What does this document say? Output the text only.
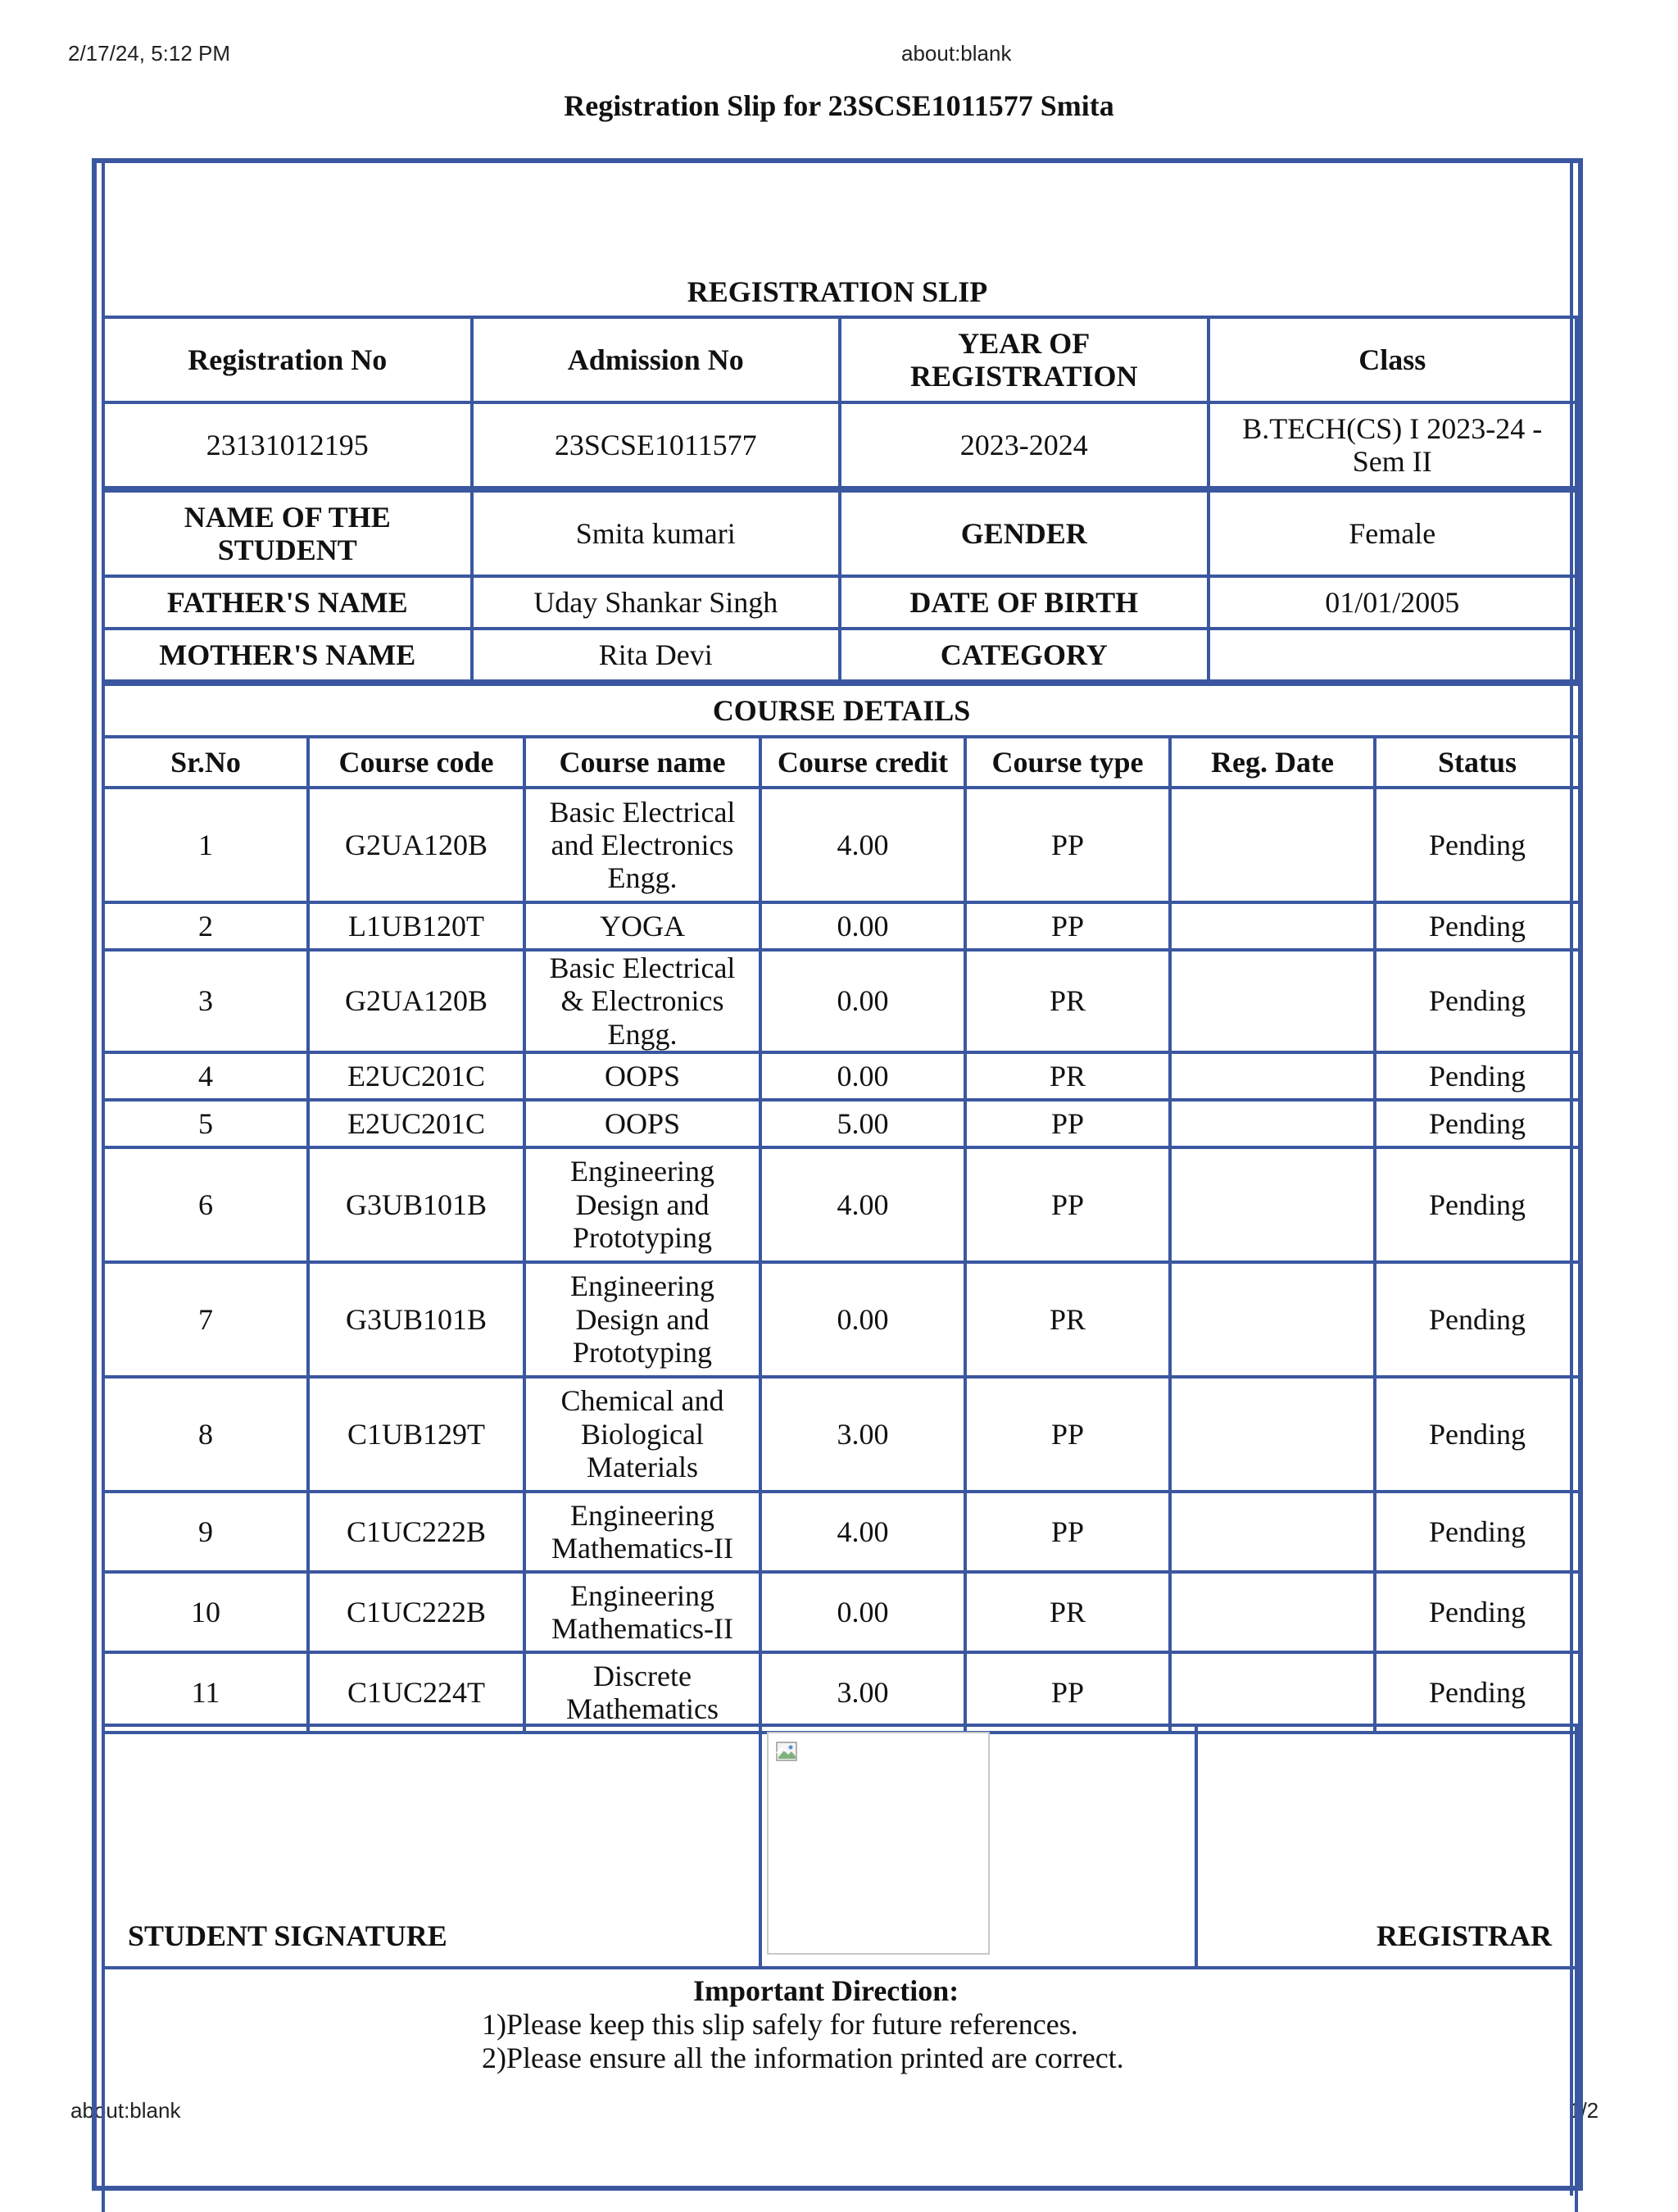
2/17/24, 5:12 PM	about:blank
about:blank	1/2
Registration Slip for 23SCSE1011577 Smita
REGISTRATION SLIP
Registration No	Admission No	YEAR OF REGISTRATION	Class
23131012195	23SCSE1011577	2023-2024	B.TECH(CS) I 2023-24 - Sem II
NAME OF THE STUDENT	Smita kumari	GENDER	Female
FATHER'S NAME	Uday Shankar Singh	DATE OF BIRTH	01/01/2005
MOTHER'S NAME	Rita Devi	CATEGORY	
COURSE DETAILS						
Sr.No	Course code	Course name	Course credit	Course type	Reg. Date	Status
1	G2UA120B	Basic Electrical and Electronics Engg.	4.00	PP		Pending
2	L1UB120T	YOGA	0.00	PP		Pending
3	G2UA120B	Basic Electrical & Electronics Engg.	0.00	PR		Pending
4	E2UC201C	OOPS	0.00	PR		Pending
5	E2UC201C	OOPS	5.00	PP		Pending
6	G3UB101B	Engineering Design and Prototyping	4.00	PP		Pending
7	G3UB101B	Engineering Design and Prototyping	0.00	PR		Pending
8	C1UB129T	Chemical and Biological Materials	3.00	PP		Pending
9	C1UC222B	Engineering Mathematics-II	4.00	PP		Pending
10	C1UC222B	Engineering Mathematics-II	0.00	PR		Pending
11	C1UC224T	Discrete Mathematics	3.00	PP		Pending
STUDENT SIGNATURE	REGISTRAR
Important Direction:
1)Please keep this slip safely for future references.
2)Please ensure all the information printed are correct.
